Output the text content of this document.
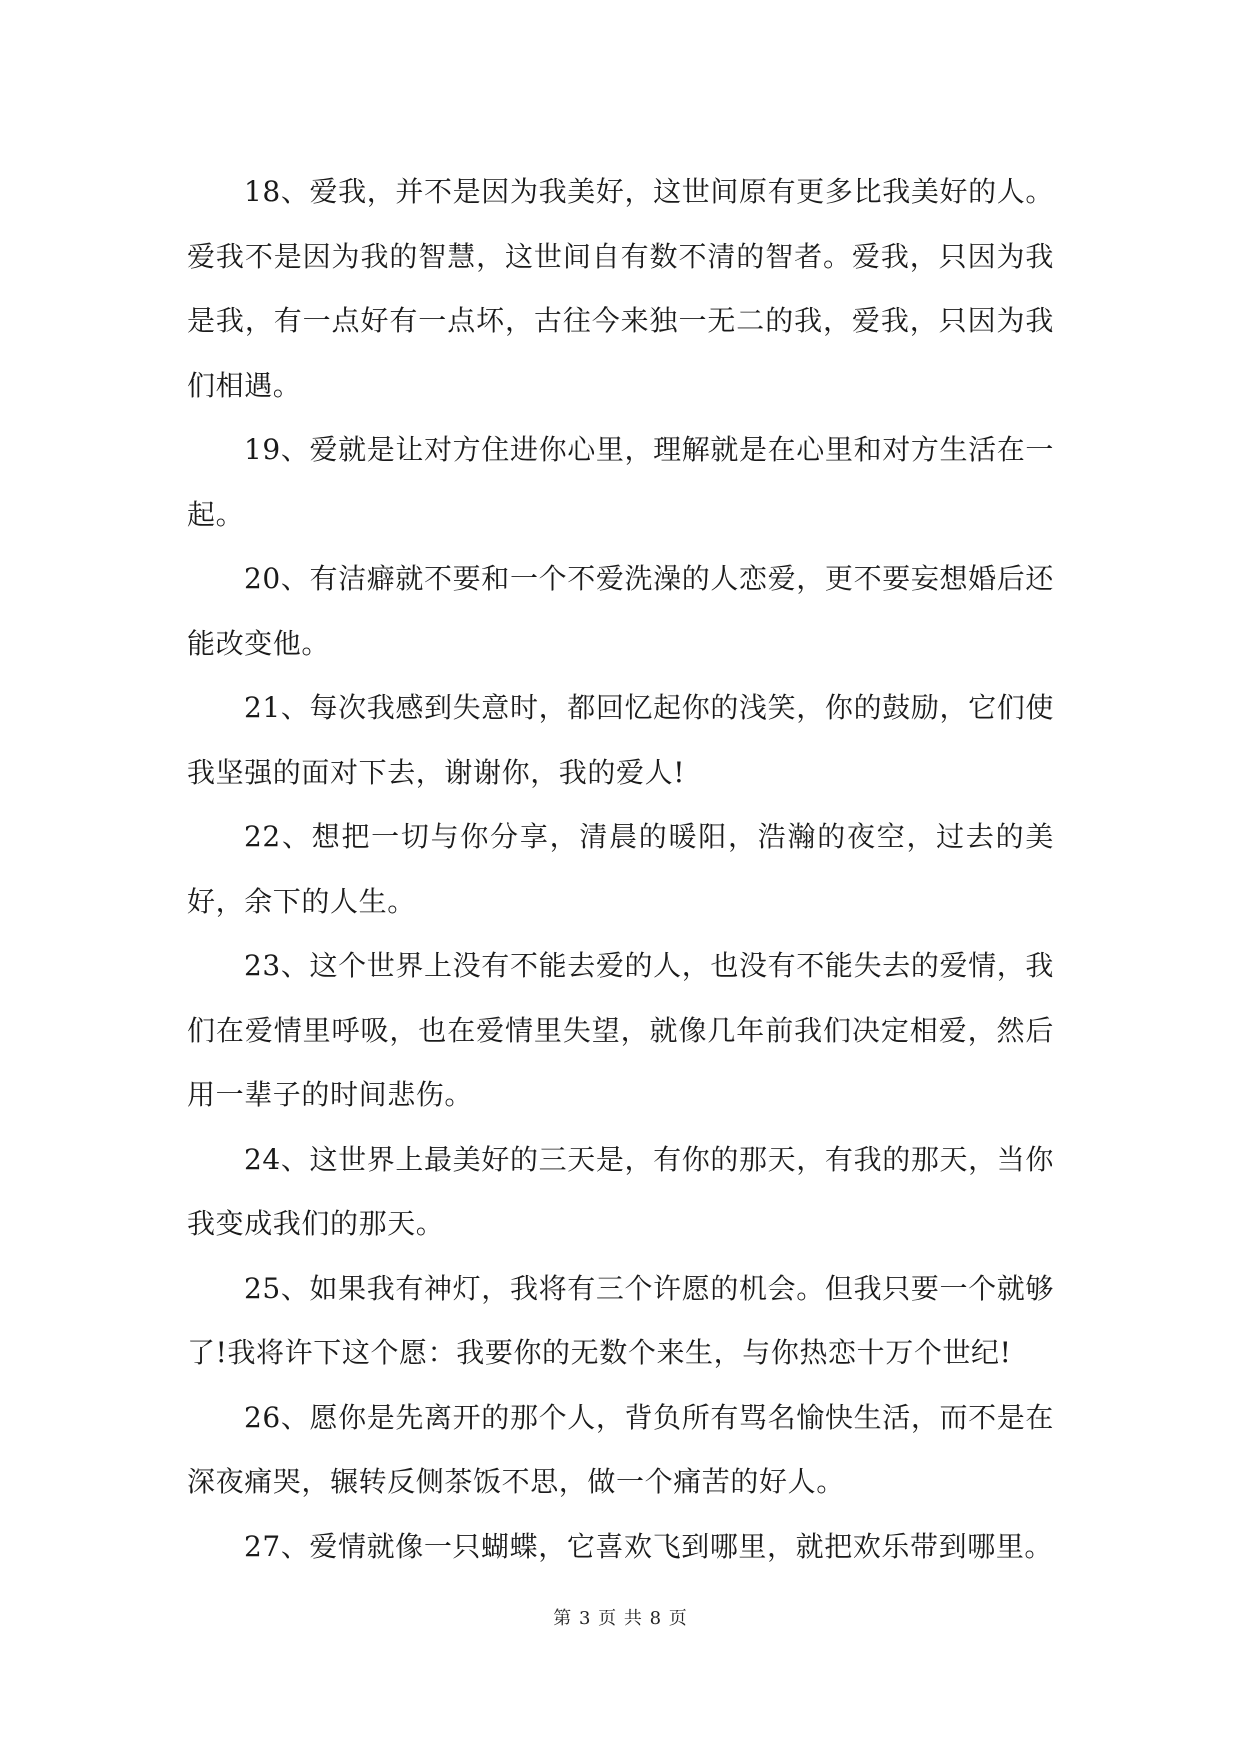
18、爱我，并不是因为我美好，这世间原有更多比我美好的人。爱我不是因为我的智慧，这世间自有数不清的智者。爱我，只因为我是我，有一点好有一点坏，古往今来独一无二的我，爱我，只因为我们相遇。

19、爱就是让对方住进你心里，理解就是在心里和对方生活在一起。

20、有洁癖就不要和一个不爱洗澡的人恋爱，更不要妄想婚后还能改变他。

21、每次我感到失意时，都回忆起你的浅笑，你的鼓励，它们使我坚强的面对下去，谢谢你，我的爱人!

22、想把一切与你分享，清晨的暖阳，浩瀚的夜空，过去的美好，余下的人生。

23、这个世界上没有不能去爱的人，也没有不能失去的爱情，我们在爱情里呼吸，也在爱情里失望，就像几年前我们决定相爱，然后用一辈子的时间悲伤。

24、这世界上最美好的三天是，有你的那天，有我的那天，当你我变成我们的那天。

25、如果我有神灯，我将有三个许愿的机会。但我只要一个就够了!我将许下这个愿：我要你的无数个来生，与你热恋十万个世纪!

26、愿你是先离开的那个人，背负所有骂名愉快生活，而不是在深夜痛哭，辗转反侧茶饭不思，做一个痛苦的好人。

27、爱情就像一只蝴蝶，它喜欢飞到哪里，就把欢乐带到哪里。

第 3 页 共 8 页
